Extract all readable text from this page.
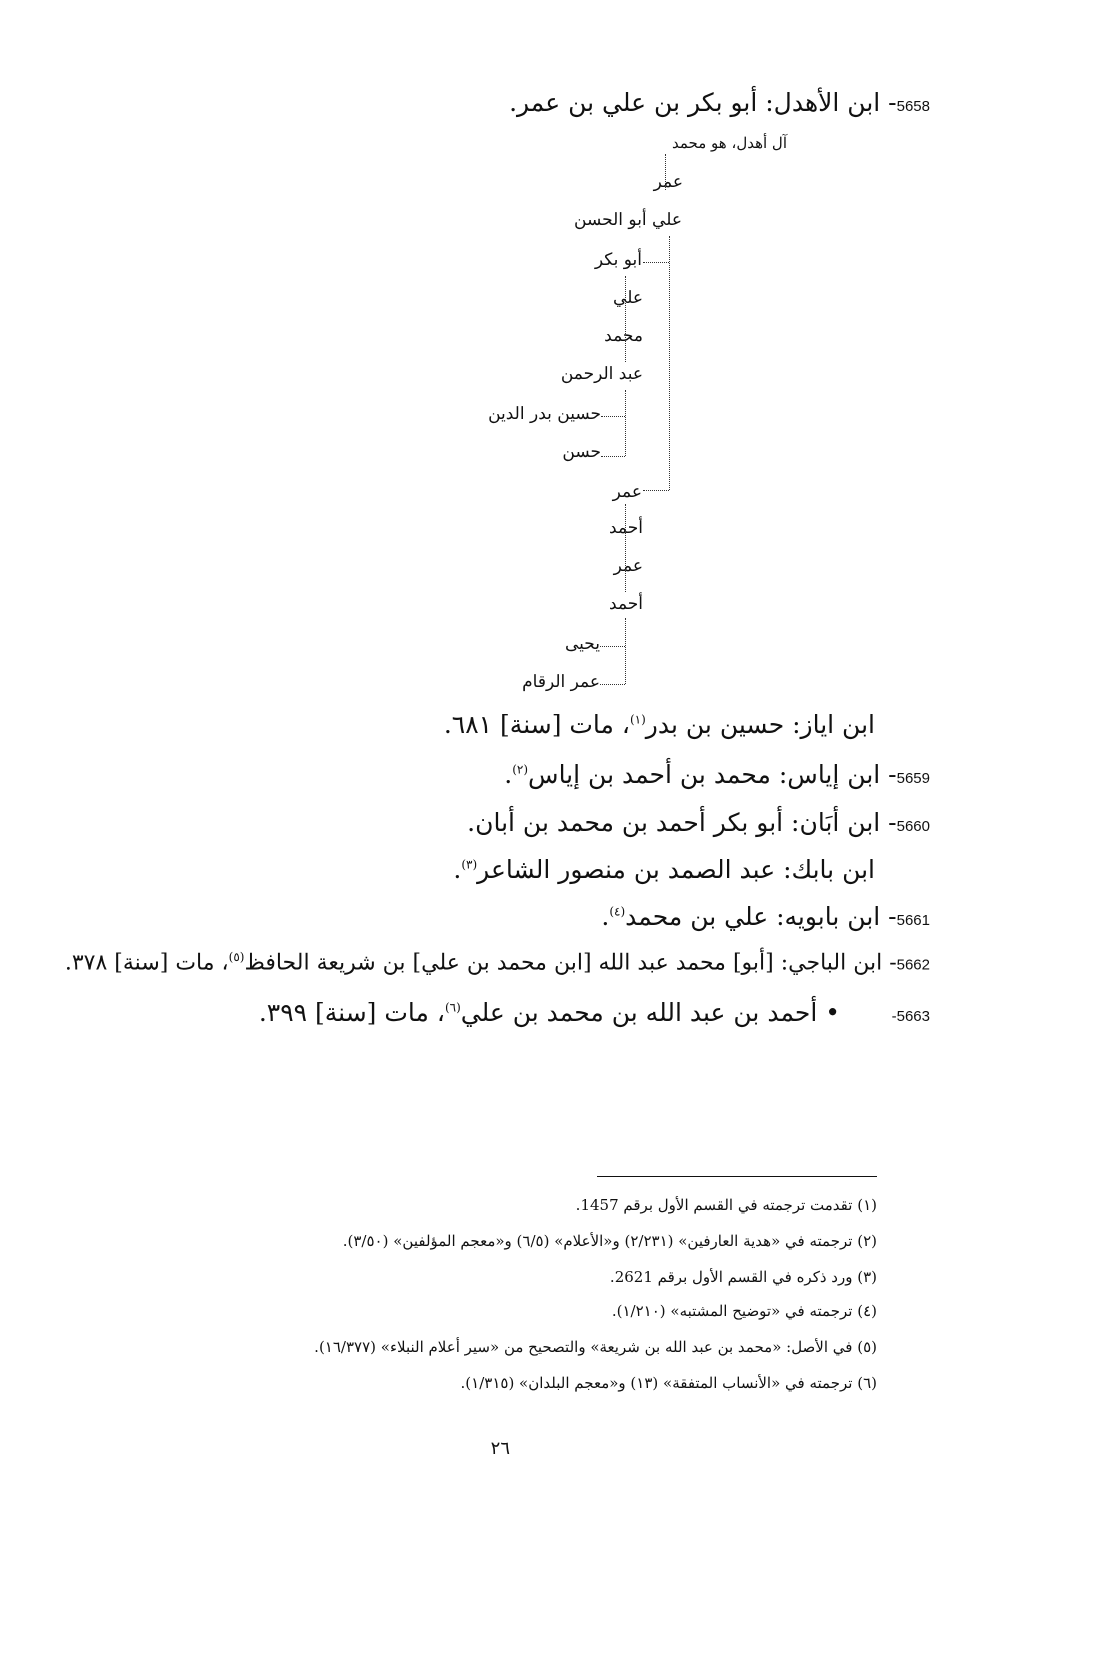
5658- ابن الأهدل: أبو بكر بن علي بن عمر.
آل أهدل، هو محمد
عمر
علي أبو الحسن
أبو بكر
علي
محمد
عبد الرحمن
حسين بدر الدين
حسن
عمر
أحمد
عمر
أحمد
يحيى
عمر الرقام
ابن اياز: حسين بن بدر$^{(١)}$، مات [سنة] ٦٨١.
5659- ابن إياس: محمد بن أحمد بن إياس$^{(٢)}$.
5660- ابن أبَان: أبو بكر أحمد بن محمد بن أبان.
ابن بابك: عبد الصمد بن منصور الشاعر$^{(٣)}$.
5661- ابن بابويه: علي بن محمد$^{(٤)}$.
5662- ابن الباجي: [أبو] محمد عبد الله [ابن محمد بن علي] بن شريعة الحافظ$^{(٥)}$، مات [سنة] ٣٧٨.
5663-• أحمد بن عبد الله بن محمد بن علي$^{(٦)}$، مات [سنة] ٣٩٩.
(١) تقدمت ترجمته في القسم الأول برقم 1457.
(٢) ترجمته في «هدية العارفين» (٢/٢٣١) و«الأعلام» (٦/٥) و«معجم المؤلفين» (٣/٥٠).
(٣) ورد ذكره في القسم الأول برقم 2621.
(٤) ترجمته في «توضيح المشتبه» (١/٢١٠).
(٥) في الأصل: «محمد بن عبد الله بن شريعة» والتصحيح من «سير أعلام النبلاء» (١٦/٣٧٧).
(٦) ترجمته في «الأنساب المتفقة» (١٣) و«معجم البلدان» (١/٣١٥).
٢٦
